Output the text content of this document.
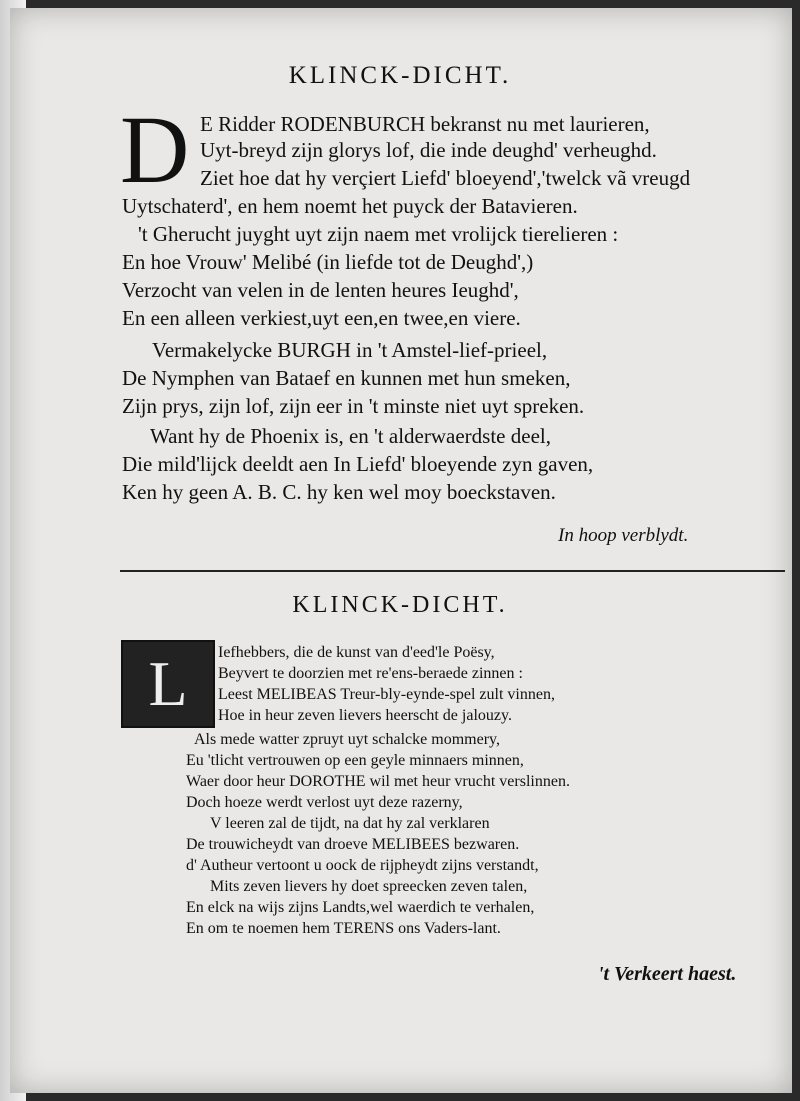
KLINCK-DICHT.
D E Ridder RODENBURCH bekranst nu met laurieren,
Uyt-breyd zijn glorys lof, die inde deughd' verheughd.
Ziet hoe dat hy verçiert Liefd' bloeyend','twelck vã vreugd
Uytschaterd', en hem noemt het puyck der Batavieren.
't Gherucht juyght uyt zijn naem met vrolijck tierelieren :
En hoe Vrouw' Melibé (in liefde tot de Deughd',)
Verzocht van velen in de lenten heures Ieughd',
En een alleen verkiest,uyt een,en twee,en viere.
Vermakelycke BURGH in 't Amstel-lief-prieel,
De Nymphen van Bataef en kunnen met hun smeken,
Zijn prys, zijn lof, zijn eer in 't minste niet uyt spreken.
Want hy de Phoenix is, en 't alderwaerdste deel,
Die mild'lijck deeldt aen In Liefd' bloeyende zyn gaven,
Ken hy geen A. B. C. hy ken wel moy boeckstaven.
In hoop verblydt.
KLINCK-DICHT.
L	Iefhebbers, die de kunst van d'eed'le Poësy,
Beyvert te doorzien met re'ens-beraede zinnen :
Leest MELIBEAS Treur-bly-eynde-spel zult vinnen,
Hoe in heur zeven lievers heerscht de jalouzy.
Als mede watter zpruyt uyt schalcke mommery,
Eu 'tlicht vertrouwen op een geyle minnaers minnen,
Waer door heur DOROTHE wil met heur vrucht verslinnen.
Doch hoeze werdt verlost uyt deze razerny,
V leeren zal de tijdt, na dat hy zal verklaren
De trouwicheydt van droeve MELIBEES bezwaren.
d' Autheur vertoont u oock de rijpheydt zijns verstandt,
Mits zeven lievers hy doet spreecken zeven talen,
En elck na wijs zijns Landts,wel waerdich te verhalen,
En om te noemen hem TERENS ons Vaders-lant.
't Verkeert haest.
